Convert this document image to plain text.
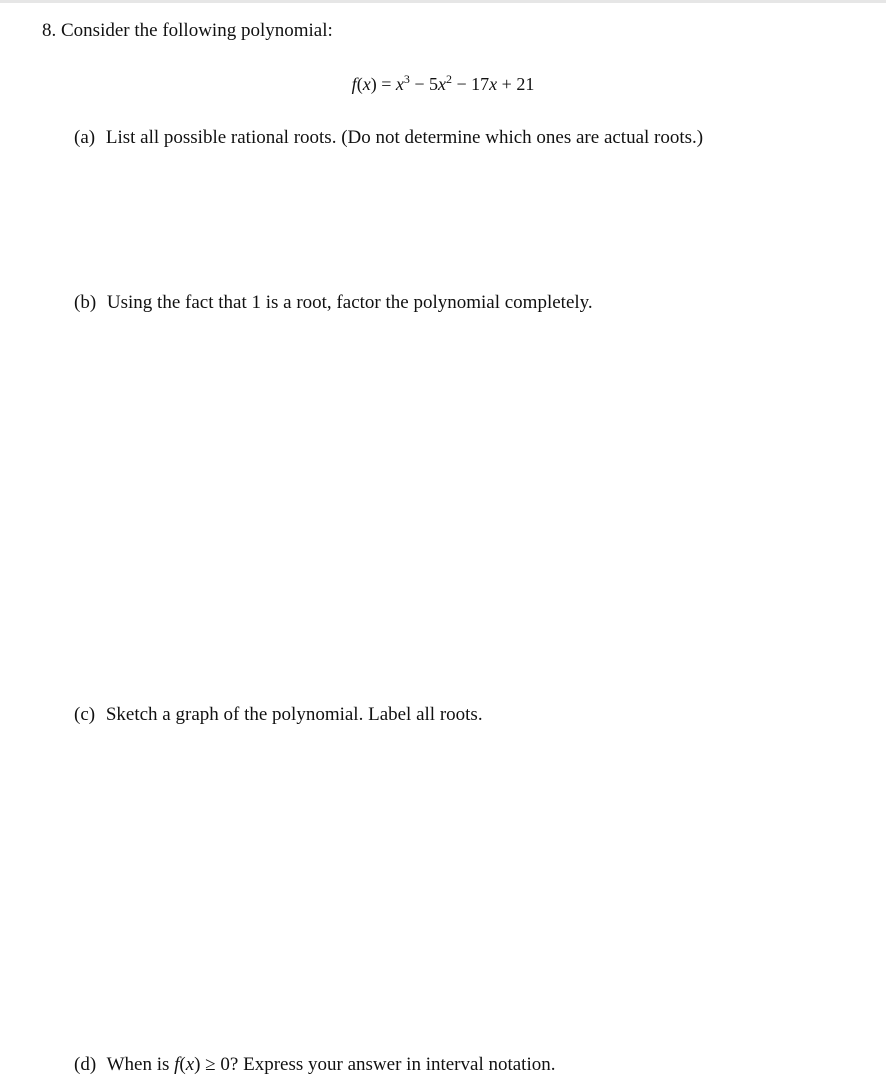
8. Consider the following polynomial:
$f(x) = x^3 - 5x^2 - 17x + 21$
(a) List all possible rational roots. (Do not determine which ones are actual roots.)
(b) Using the fact that 1 is a root, factor the polynomial completely.
(c) Sketch a graph of the polynomial. Label all roots.
(d) When is f(x) ≥ 0? Express your answer in interval notation.
